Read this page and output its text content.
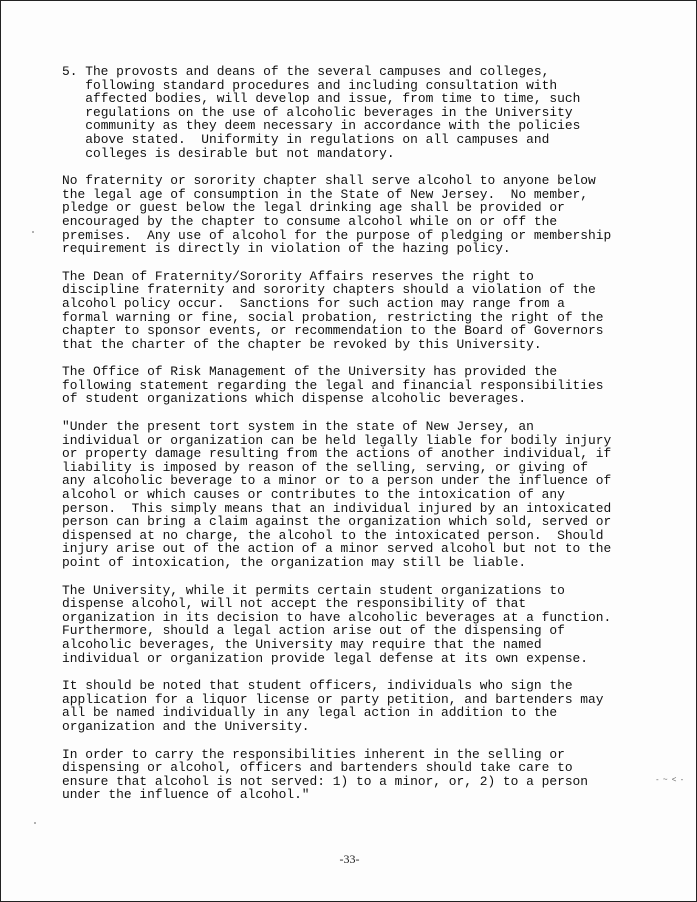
5. The provosts and deans of the several campuses and colleges,
following standard procedures and including consultation with
affected bodies, will develop and issue, from time to time, such
regulations on the use of alcoholic beverages in the University
community as they deem necessary in accordance with the policies
above stated.  Uniformity in regulations on all campuses and
colleges is desirable but not mandatory.

No fraternity or sorority chapter shall serve alcohol to anyone below
the legal age of consumption in the State of New Jersey.  No member,
pledge or guest below the legal drinking age shall be provided or
encouraged by the chapter to consume alcohol while on or off the
premises.  Any use of alcohol for the purpose of pledging or membership
requirement is directly in violation of the hazing policy.

The Dean of Fraternity/Sorority Affairs reserves the right to
discipline fraternity and sorority chapters should a violation of the
alcohol policy occur.  Sanctions for such action may range from a
formal warning or fine, social probation, restricting the right of the
chapter to sponsor events, or recommendation to the Board of Governors
that the charter of the chapter be revoked by this University.

The Office of Risk Management of the University has provided the
following statement regarding the legal and financial responsibilities
of student organizations which dispense alcoholic beverages.

"Under the present tort system in the state of New Jersey, an
individual or organization can be held legally liable for bodily injury
or property damage resulting from the actions of another individual, if
liability is imposed by reason of the selling, serving, or giving of
any alcoholic beverage to a minor or to a person under the influence of
alcohol or which causes or contributes to the intoxication of any
person.  This simply means that an individual injured by an intoxicated
person can bring a claim against the organization which sold, served or
dispensed at no charge, the alcohol to the intoxicated person.  Should
injury arise out of the action of a minor served alcohol but not to the
point of intoxication, the organization may still be liable.

The University, while it permits certain student organizations to
dispense alcohol, will not accept the responsibility of that
organization in its decision to have alcoholic beverages at a function.
Furthermore, should a legal action arise out of the dispensing of
alcoholic beverages, the University may require that the named
individual or organization provide legal defense at its own expense.

It should be noted that student officers, individuals who sign the
application for a liquor license or party petition, and bartenders may
all be named individually in any legal action in addition to the
organization and the University.

In order to carry the responsibilities inherent in the selling or
dispensing or alcohol, officers and bartenders should take care to
ensure that alcohol is not served: 1) to a minor, or, 2) to a person
under the influence of alcohol."

- ~ < -
-33-
